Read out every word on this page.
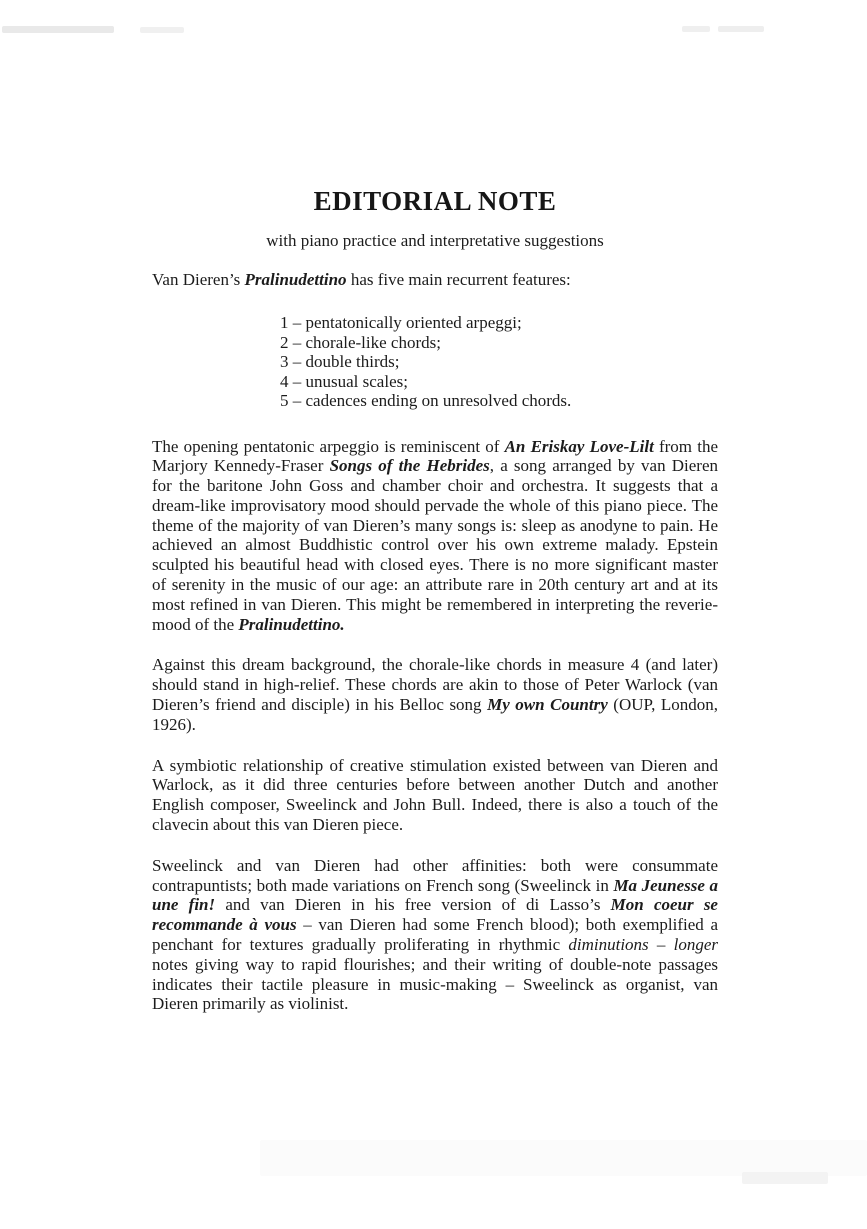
EDITORIAL NOTE

with piano practice and interpretative suggestions

Van Dieren’s Pralinudettino has five main recurrent features:

1 – pentatonically oriented arpeggi;
2 – chorale-like chords;
3 – double thirds;
4 – unusual scales;
5 – cadences ending on unresolved chords.

The opening pentatonic arpeggio is reminiscent of An Eriskay Love-Lilt from the Marjory Kennedy-Fraser Songs of the Hebrides, a song arranged by van Dieren for the baritone John Goss and chamber choir and orchestra. It suggests that a dream-like improvisatory mood should pervade the whole of this piano piece. The theme of the majority of van Dieren’s many songs is: sleep as anodyne to pain. He achieved an almost Buddhistic control over his own extreme malady. Epstein sculpted his beautiful head with closed eyes. There is no more significant master of serenity in the music of our age: an attribute rare in 20th century art and at its most refined in van Dieren. This might be remembered in interpreting the reverie-mood of the Pralinudettino.

Against this dream background, the chorale-like chords in measure 4 (and later) should stand in high-relief. These chords are akin to those of Peter Warlock (van Dieren’s friend and disciple) in his Belloc song My own Country (OUP, London, 1926).

A symbiotic relationship of creative stimulation existed between van Dieren and Warlock, as it did three centuries before between another Dutch and another English composer, Sweelinck and John Bull. Indeed, there is also a touch of the clavecin about this van Dieren piece.

Sweelinck and van Dieren had other affinities: both were consummate contrapuntists; both made variations on French song (Sweelinck in Ma Jeunesse a une fin! and van Dieren in his free version of di Lasso’s Mon coeur se recommande à vous – van Dieren had some French blood); both exemplified a penchant for textures gradually proliferating in rhythmic diminutions – longer notes giving way to rapid flourishes; and their writing of double-note passages indicates their tactile pleasure in music-making – Sweelinck as organist, van Dieren primarily as violinist.
